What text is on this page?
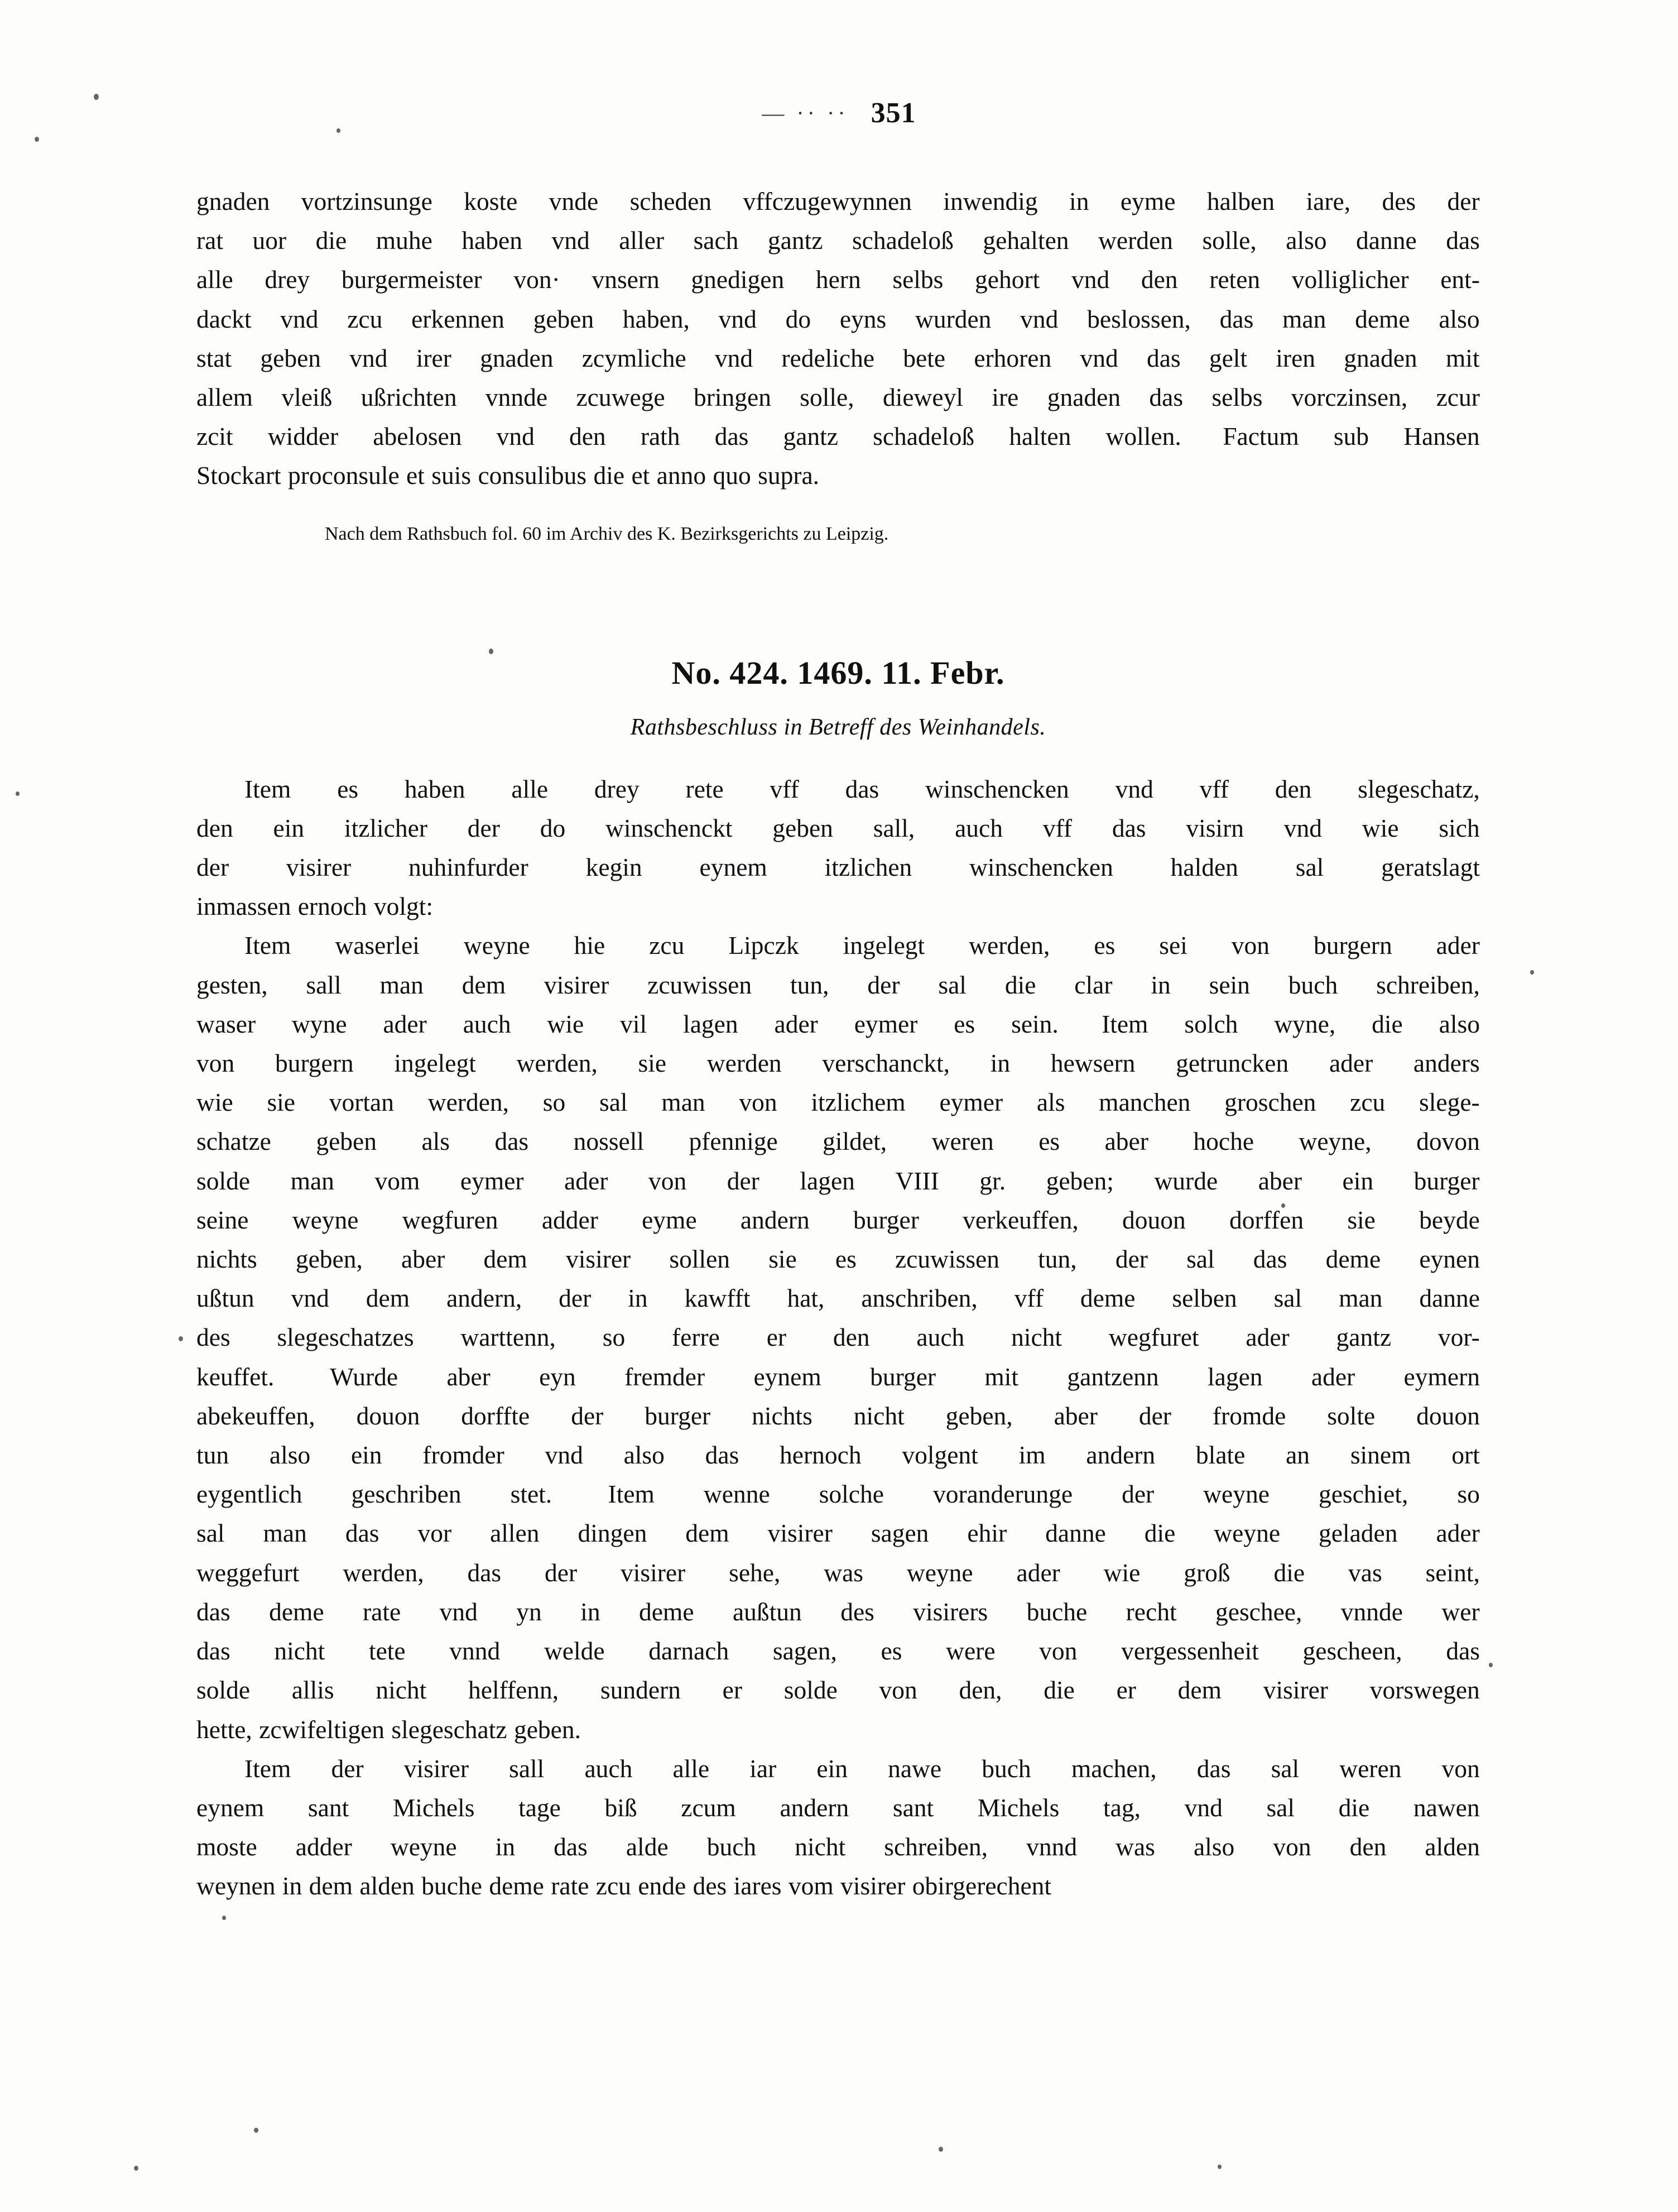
— ·· ·· 351
gnaden
vortzinsunge
koste
vnde
scheden
vffczugewynnen
inwendig
in
eyme
halben
iare,
des
der
rat
uor
die
muhe
haben
vnd
aller
sach
gantz
schadeloß
gehalten
werden
solle,
also
danne
das
alle
drey
burgermeister
von·
vnsern
gnedigen
hern
selbs
gehort
vnd
den
reten
volliglicher
ent-
dackt
vnd
zcu
erkennen
geben
haben,
vnd
do
eyns
wurden
vnd
beslossen,
das
man
deme
also
stat
geben
vnd
irer
gnaden
zcymliche
vnd
redeliche
bete
erhoren
vnd
das
gelt
iren
gnaden
mit
allem
vleiß
ußrichten
vnnde
zcuwege
bringen
solle,
dieweyl
ire
gnaden
das
selbs
vorczinsen,
zcur
zcit
widder
abelosen
vnd
den
rath
das
gantz
schadeloß
halten
wollen.
Factum
sub
Hansen
Stockart
proconsule
et
suis
consulibus
die
et
anno
quo
supra.
Nach dem Rathsbuch fol. 60 im Archiv des K. Bezirksgerichts zu Leipzig.
No. 424. 1469. 11. Febr.
Rathsbeschluss in Betreff des Weinhandels.
Item
es
haben
alle
drey
rete
vff
das
winschencken
vnd
vff
den
slegeschatz,
den
ein
itzlicher
der
do
winschenckt
geben
sall,
auch
vff
das
visirn
vnd
wie
sich
der
visirer
nuhinfurder
kegin
eynem
itzlichen
winschencken
halden
sal
geratslagt
inmassen
ernoch
volgt:
Item
waserlei
weyne
hie
zcu
Lipczk
ingelegt
werden,
es
sei
von
burgern
ader
gesten,
sall
man
dem
visirer
zcuwissen
tun,
der
sal
die
clar
in
sein
buch
schreiben,
waser
wyne
ader
auch
wie
vil
lagen
ader
eymer
es
sein.
Item
solch
wyne,
die
also
von
burgern
ingelegt
werden,
sie
werden
verschanckt,
in
hewsern
getruncken
ader
anders
wie
sie
vortan
werden,
so
sal
man
von
itzlichem
eymer
als
manchen
groschen
zcu
slege-
schatze
geben
als
das
nossell
pfennige
gildet,
weren
es
aber
hoche
weyne,
dovon
solde
man
vom
eymer
ader
von
der
lagen
VIII
gr.
geben;
wurde
aber
ein
burger
seine
weyne
wegfuren
adder
eyme
andern
burger
verkeuffen,
douon
dorffen
sie
beyde
nichts
geben,
aber
dem
visirer
sollen
sie
es
zcuwissen
tun,
der
sal
das
deme
eynen
ußtun
vnd
dem
andern,
der
in
kawfft
hat,
anschriben,
vff
deme
selben
sal
man
danne
des
slegeschatzes
warttenn,
so
ferre
er
den
auch
nicht
wegfuret
ader
gantz
vor-
keuffet.
Wurde
aber
eyn
fremder
eynem
burger
mit
gantzenn
lagen
ader
eymern
abekeuffen,
douon
dorffte
der
burger
nichts
nicht
geben,
aber
der
fromde
solte
douon
tun
also
ein
fromder
vnd
also
das
hernoch
volgent
im
andern
blate
an
sinem
ort
eygentlich
geschriben
stet.
Item
wenne
solche
voranderunge
der
weyne
geschiet,
so
sal
man
das
vor
allen
dingen
dem
visirer
sagen
ehir
danne
die
weyne
geladen
ader
weggefurt
werden,
das
der
visirer
sehe,
was
weyne
ader
wie
groß
die
vas
seint,
das
deme
rate
vnd
yn
in
deme
außtun
des
visirers
buche
recht
geschee,
vnnde
wer
das
nicht
tete
vnnd
welde
darnach
sagen,
es
were
von
vergessenheit
gescheen,
das
solde
allis
nicht
helffenn,
sundern
er
solde
von
den,
die
er
dem
visirer
vorswegen
hette,
zcwifeltigen
slegeschatz
geben.
Item
der
visirer
sall
auch
alle
iar
ein
nawe
buch
machen,
das
sal
weren
von
eynem
sant
Michels
tage
biß
zcum
andern
sant
Michels
tag,
vnd
sal
die
nawen
moste
adder
weyne
in
das
alde
buch
nicht
schreiben,
vnnd
was
also
von
den
alden
weynen
in
dem
alden
buche
deme
rate
zcu
ende
des
iares
vom
visirer
obirgerechent
